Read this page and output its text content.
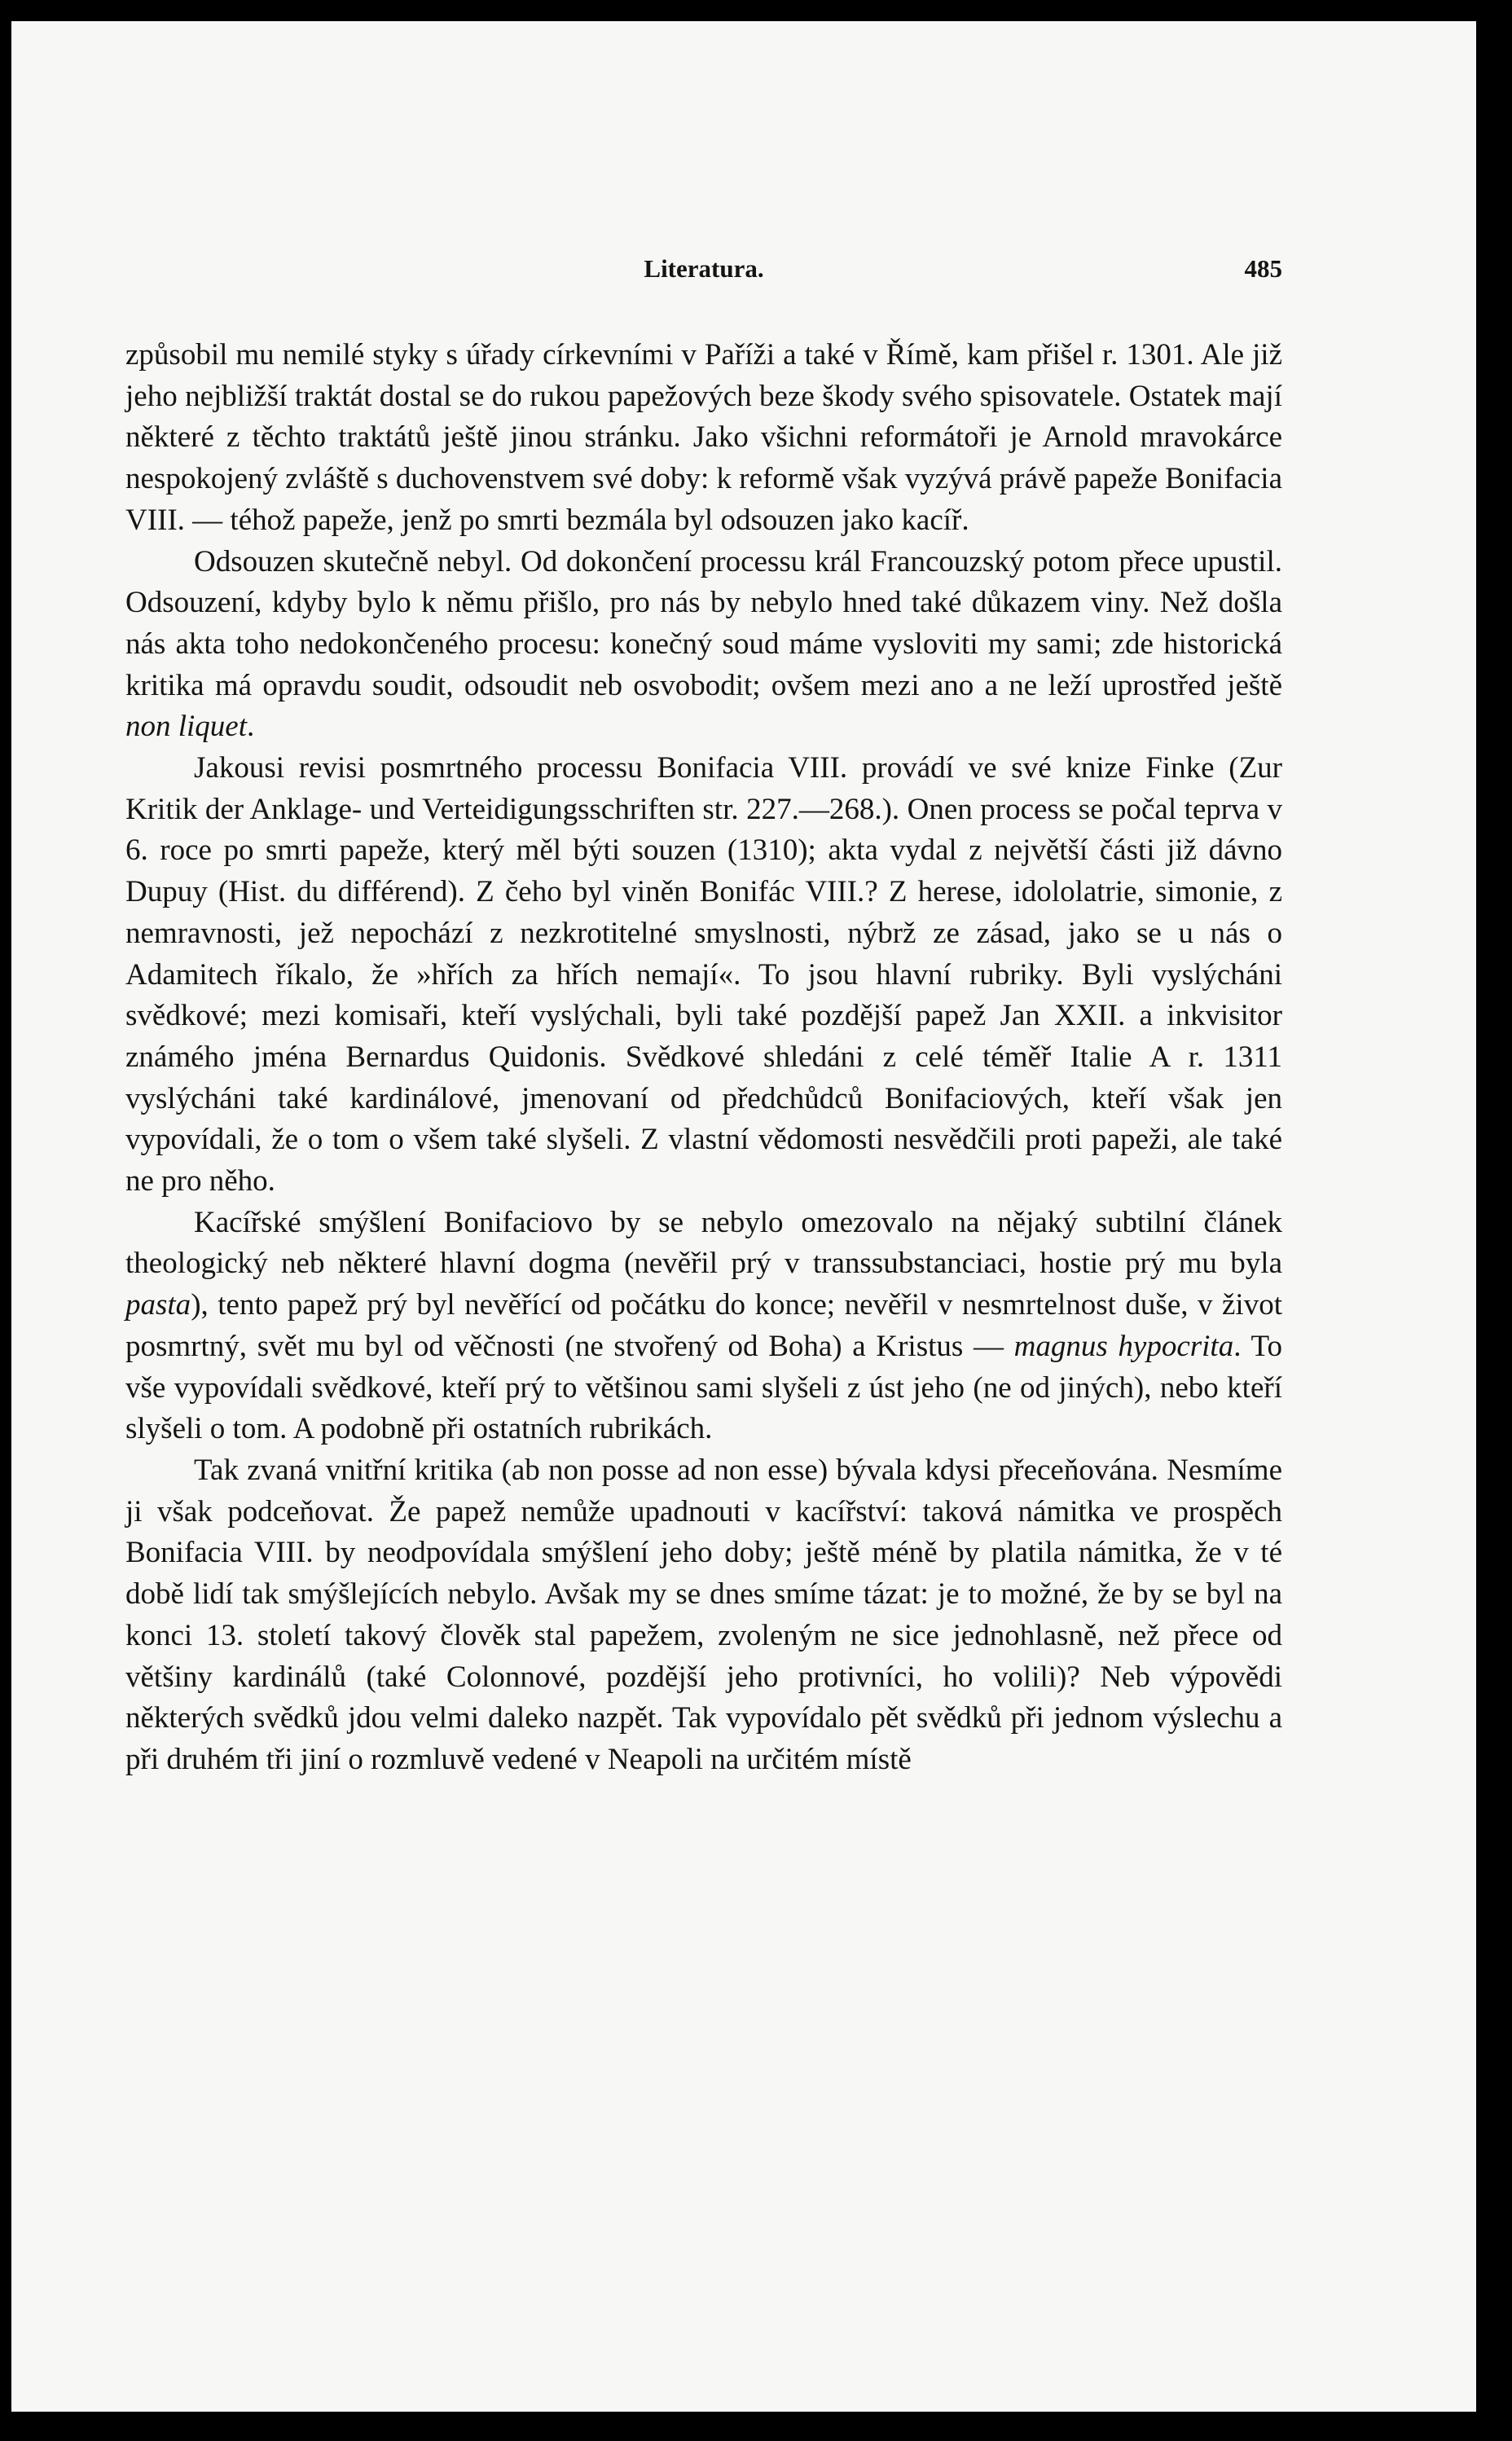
Literatura.	485

způsobil mu nemilé styky s úřady církevními v Paříži a také v Římě, kam přišel r. 1301. Ale již jeho nejbližší traktát dostal se do rukou papežových beze škody svého spisovatele. Ostatek mají některé z těchto traktátů ještě jinou stránku. Jako všichni reformátoři je Arnold mravokárce nespokojený zvláště s duchovenstvem své doby: k reformě však vyzývá právě papeže Bonifacia VIII. — téhož papeže, jenž po smrti bezmála byl odsouzen jako kacíř.

Odsouzen skutečně nebyl. Od dokončení processu král Francouzský potom přece upustil. Odsouzení, kdyby bylo k němu přišlo, pro nás by nebylo hned také důkazem viny. Než došla nás akta toho nedokončeného procesu: konečný soud máme vysloviti my sami; zde historická kritika má opravdu soudit, odsoudit neb osvobodit; ovšem mezi ano a ne leží uprostřed ještě non liquet.

Jakousi revisi posmrtného processu Bonifacia VIII. provádí ve své knize Finke (Zur Kritik der Anklage- und Verteidigungsschriften str. 227.—268.). Onen process se počal teprva v 6. roce po smrti papeže, který měl býti souzen (1310); akta vydal z největší části již dávno Dupuy (Hist. du différend). Z čeho byl viněn Bonifác VIII.? Z herese, idololatrie, simonie, z nemravnosti, jež nepochází z nezkrotitelné smyslnosti, nýbrž ze zásad, jako se u nás o Adamitech říkalo, že »hřích za hřích nemají«. To jsou hlavní rubriky. Byli vyslýcháni svědkové; mezi komisaři, kteří vyslýchali, byli také pozdější papež Jan XXII. a inkvisitor známého jména Bernardus Quidonis. Svědkové shledáni z celé téměř Italie A r. 1311 vyslýcháni také kardinálové, jmenovaní od předchůdců Bonifaciových, kteří však jen vypovídali, že o tom o všem také slyšeli. Z vlastní vědomosti nesvědčili proti papeži, ale také ne pro něho.

Kacířské smýšlení Bonifaciovo by se nebylo omezovalo na nějaký subtilní článek theologický neb některé hlavní dogma (nevěřil prý v transsubstanciaci, hostie prý mu byla pasta), tento papež prý byl nevěřící od počátku do konce; nevěřil v nesmrtelnost duše, v život posmrtný, svět mu byl od věčnosti (ne stvořený od Boha) a Kristus — magnus hypocrita. To vše vypovídali svědkové, kteří prý to většinou sami slyšeli z úst jeho (ne od jiných), nebo kteří slyšeli o tom. A podobně při ostatních rubrikách.

Tak zvaná vnitřní kritika (ab non posse ad non esse) bývala kdysi přeceňována. Nesmíme ji však podceňovat. Že papež nemůže upadnouti v kacířství: taková námitka ve prospěch Bonifacia VIII. by neodpovídala smýšlení jeho doby; ještě méně by platila námitka, že v té době lidí tak smýšlejících nebylo. Avšak my se dnes smíme tázat: je to možné, že by se byl na konci 13. století takový člověk stal papežem, zvoleným ne sice jednohlasně, než přece od většiny kardinálů (také Colonnové, pozdější jeho protivníci, ho volili)? Neb výpovědi některých svědků jdou velmi daleko nazpět. Tak vypovídalo pět svědků při jednom výslechu a při druhém tři jiní o rozmluvě vedené v Neapoli na určitém místě
